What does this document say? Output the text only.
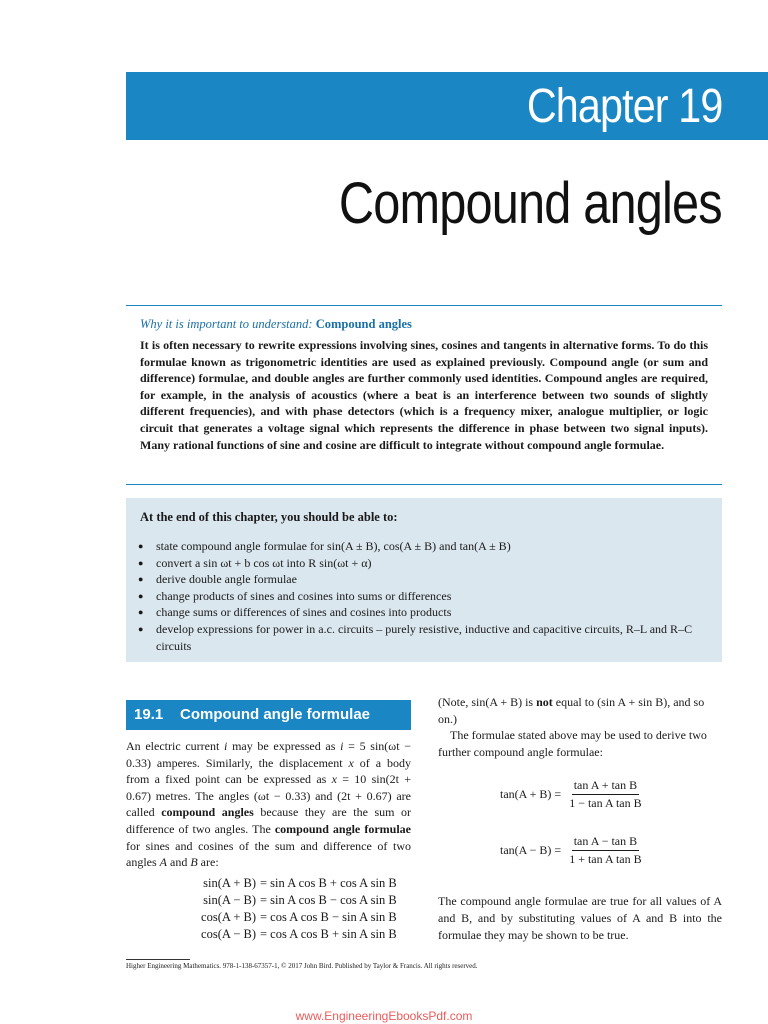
Chapter 19
Compound angles
Why it is important to understand: Compound angles
It is often necessary to rewrite expressions involving sines, cosines and tangents in alternative forms. To do this formulae known as trigonometric identities are used as explained previously. Compound angle (or sum and difference) formulae, and double angles are further commonly used identities. Compound angles are required, for example, in the analysis of acoustics (where a beat is an interference between two sounds of slightly different frequencies), and with phase detectors (which is a frequency mixer, analogue multiplier, or logic circuit that generates a voltage signal which represents the difference in phase between two signal inputs). Many rational functions of sine and cosine are difficult to integrate without compound angle formulae.
At the end of this chapter, you should be able to:
● state compound angle formulae for sin(A ± B), cos(A ± B) and tan(A ± B)
● convert a sin ωt + b cos ωt into R sin(ωt + α)
● derive double angle formulae
● change products of sines and cosines into sums or differences
● change sums or differences of sines and cosines into products
● develop expressions for power in a.c. circuits – purely resistive, inductive and capacitive circuits, R–L and R–C circuits
19.1 Compound angle formulae
An electric current i may be expressed as i = 5 sin(ωt − 0.33) amperes. Similarly, the displacement x of a body from a fixed point can be expressed as x = 10 sin(2t + 0.67) metres. The angles (ωt − 0.33) and (2t + 0.67) are called compound angles because they are the sum or difference of two angles. The compound angle formulae for sines and cosines of the sum and difference of two angles A and B are:
sin(A + B) = sin A cos B + cos A sin B
sin(A − B) = sin A cos B − cos A sin B
cos(A + B) = cos A cos B − sin A sin B
cos(A − B) = cos A cos B + sin A sin B

(Note, sin(A + B) is not equal to (sin A + sin B), and so on.)

The formulae stated above may be used to derive two further compound angle formulae:

$\tan(A + B) = \frac{\text{tan A + tan B}}{\text{1 − tan A tan B}}$
$\tan(A - B) = \frac{\text{tan A − tan B}}{\text{1 + tan A tan B}}$
The compound angle formulae are true for all values of A and B, and by substituting values of A and B into the formulae they may be shown to be true.
Higher Engineering Mathematics. 978-1-138-67357-1, © 2017 John Bird. Published by Taylor & Francis. All rights reserved.
www.EngineeringEbooksPdf.com
